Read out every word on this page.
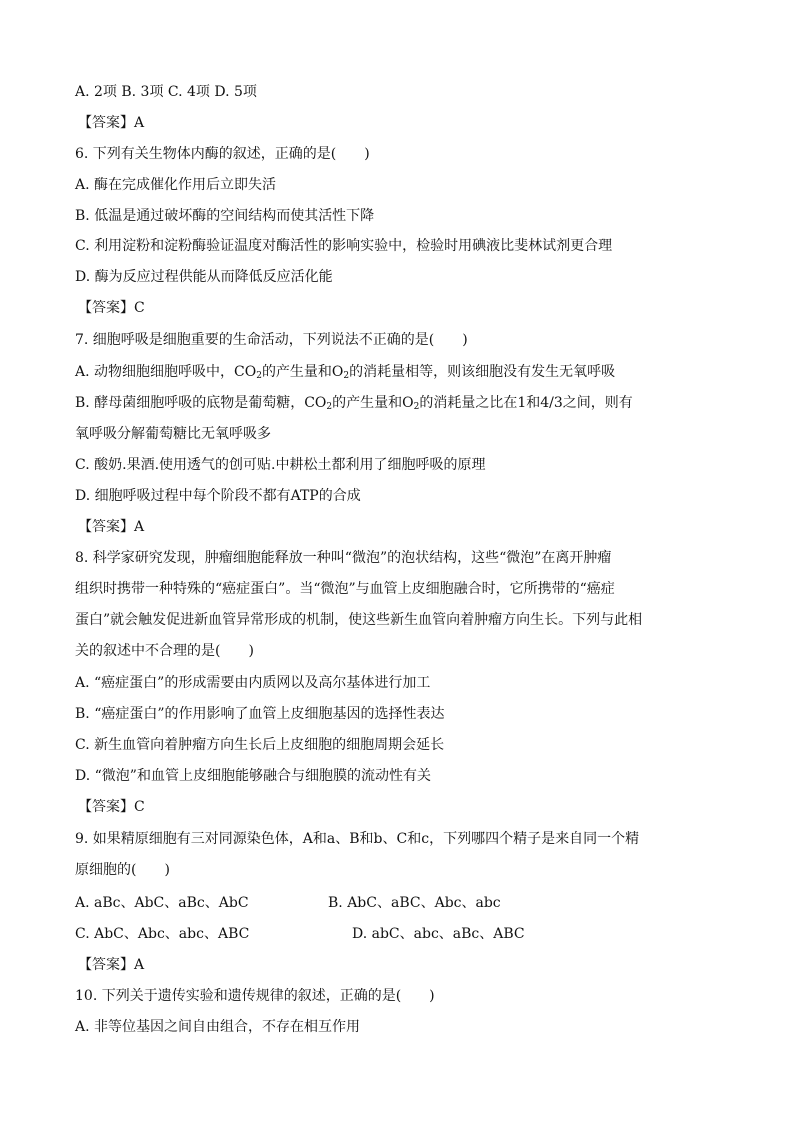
A. 2项 B. 3项 C. 4项 D. 5项
【答案】A
6. 下列有关生物体内酶的叙述，正确的是(　　)
A. 酶在完成催化作用后立即失活
B. 低温是通过破坏酶的空间结构而使其活性下降
C. 利用淀粉和淀粉酶验证温度对酶活性的影响实验中，检验时用碘液比斐林试剂更合理
D. 酶为反应过程供能从而降低反应活化能
【答案】C
7. 细胞呼吸是细胞重要的生命活动，下列说法不正确的是(　　)
A. 动物细胞细胞呼吸中，$CO_2$的产生量和$O_2$的消耗量相等，则该细胞没有发生无氧呼吸
B. 酵母菌细胞呼吸的底物是葡萄糖，$CO_2$的产生量和$O_2$的消耗量之比在1和4/3之间，则有
氧呼吸分解葡萄糖比无氧呼吸多
C. 酸奶.果酒.使用透气的创可贴.中耕松土都利用了细胞呼吸的原理
D. 细胞呼吸过程中每个阶段不都有ATP的合成
【答案】A
8. 科学家研究发现，肿瘤细胞能释放一种叫“微泡”的泡状结构，这些“微泡”在离开肿瘤
组织时携带一种特殊的“癌症蛋白”。当“微泡”与血管上皮细胞融合时，它所携带的“癌症
蛋白”就会触发促进新血管异常形成的机制，使这些新生血管向着肿瘤方向生长。下列与此相
关的叙述中不合理的是(　　)
A. “癌症蛋白”的形成需要由内质网以及高尔基体进行加工
B. “癌症蛋白”的作用影响了血管上皮细胞基因的选择性表达
C. 新生血管向着肿瘤方向生长后上皮细胞的细胞周期会延长
D. “微泡”和血管上皮细胞能够融合与细胞膜的流动性有关
【答案】C
9. 如果精原细胞有三对同源染色体，A和a、B和b、C和c，下列哪四个精子是来自同一个精
原细胞的(　　)
A. aBc、AbC、aBc、AbC	B. AbC、aBC、Abc、abc
C. AbC、Abc、abc、ABC	D. abC、abc、aBc、ABC
【答案】A
10. 下列关于遗传实验和遗传规律的叙述，正确的是(　　)
A. 非等位基因之间自由组合，不存在相互作用
